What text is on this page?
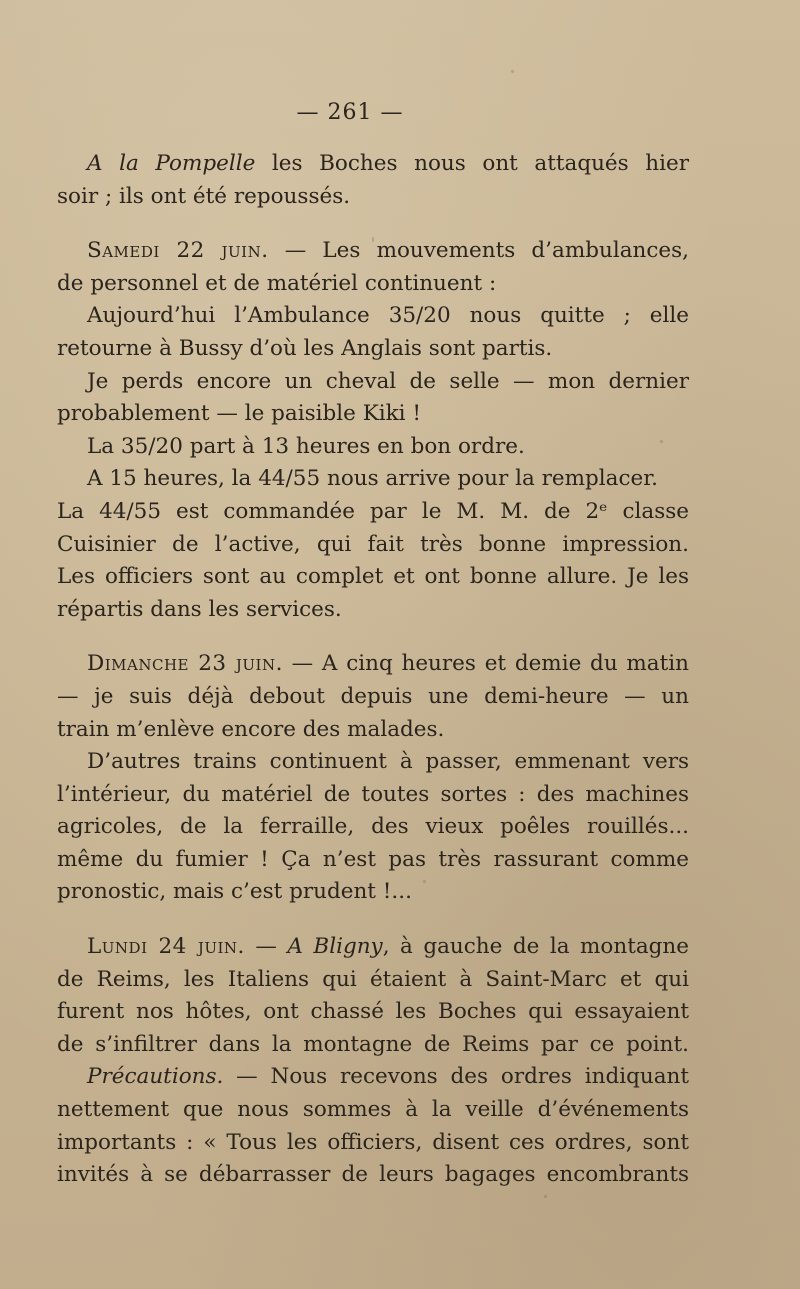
— 261 —

A la Pompelle les Boches nous ont attaqués hier
soir ; ils ont été repoussés.

Samedi 22 juin. — Les mouvements d’ambulances,
de personnel et de matériel continuent :

Aujourd’hui l’Ambulance 35/20 nous quitte ; elle
retourne à Bussy d’où les Anglais sont partis.

Je perds encore un cheval de selle — mon dernier
probablement — le paisible Kiki !

La 35/20 part à 13 heures en bon ordre.

A 15 heures, la 44/55 nous arrive pour la remplacer.

La 44/55 est commandée par le M. M. de 2ᵉ classe
Cuisinier de l’active, qui fait très bonne impression.
Les officiers sont au complet et ont bonne allure. Je les
répartis dans les services.

Dimanche 23 juin. — A cinq heures et demie du matin
— je suis déjà debout depuis une demi-heure — un
train m’enlève encore des malades.

D’autres trains continuent à passer, emmenant vers
l’intérieur, du matériel de toutes sortes : des machines
agricoles, de la ferraille, des vieux poêles rouillés...
même du fumier ! Ça n’est pas très rassurant comme
pronostic, mais c’est prudent !...

Lundi 24 juin. — A Bligny, à gauche de la montagne
de Reims, les Italiens qui étaient à Saint-Marc et qui
furent nos hôtes, ont chassé les Boches qui essayaient
de s’infiltrer dans la montagne de Reims par ce point.

Précautions. — Nous recevons des ordres indiquant
nettement que nous sommes à la veille d’événements
importants : « Tous les officiers, disent ces ordres, sont
invités à se débarrasser de leurs bagages encombrants
